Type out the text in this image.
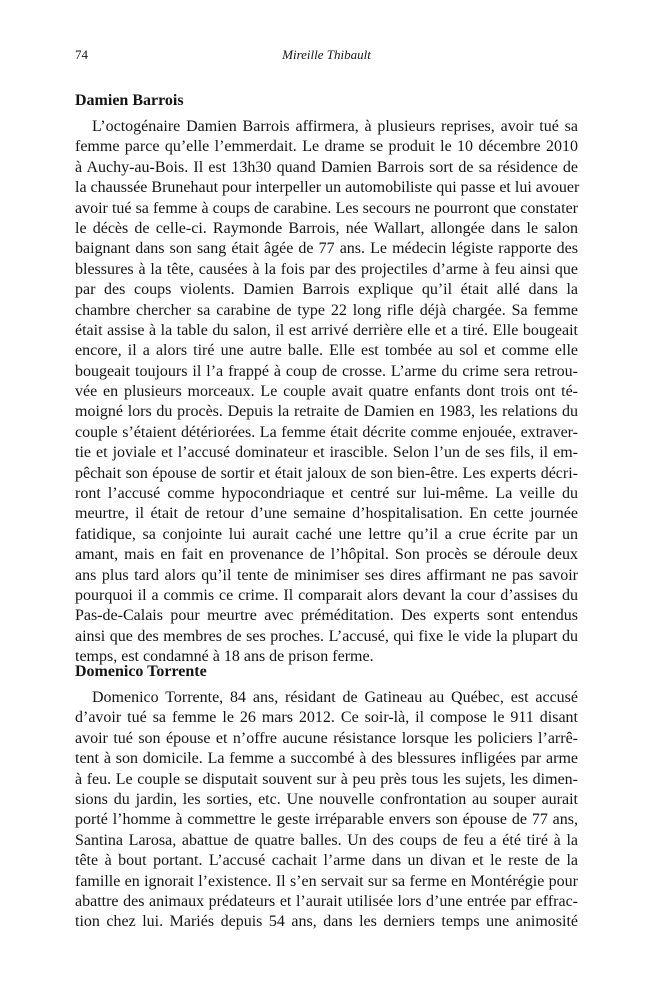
74	Mireille Thibault
Damien Barrois
L’octogénaire Damien Barrois affirmera, à plusieurs reprises, avoir tué sa
femme parce qu’elle l’emmerdait. Le drame se produit le 10 décembre 2010
à Auchy-au-Bois. Il est 13h30 quand Damien Barrois sort de sa résidence de
la chaussée Brunehaut pour interpeller un automobiliste qui passe et lui avouer
avoir tué sa femme à coups de carabine. Les secours ne pourront que constater
le décès de celle-ci. Raymonde Barrois, née Wallart, allongée dans le salon
baignant dans son sang était âgée de 77 ans. Le médecin légiste rapporte des
blessures à la tête, causées à la fois par des projectiles d’arme à feu ainsi que
par des coups violents. Damien Barrois explique qu’il était allé dans la
chambre chercher sa carabine de type 22 long rifle déjà chargée. Sa femme
était assise à la table du salon, il est arrivé derrière elle et a tiré. Elle bougeait
encore, il a alors tiré une autre balle. Elle est tombée au sol et comme elle
bougeait toujours il l’a frappé à coup de crosse. L’arme du crime sera retrou-
vée en plusieurs morceaux. Le couple avait quatre enfants dont trois ont té-
moigné lors du procès. Depuis la retraite de Damien en 1983, les relations du
couple s’étaient détériorées. La femme était décrite comme enjouée, extraver-
tie et joviale et l’accusé dominateur et irascible. Selon l’un de ses fils, il em-
pêchait son épouse de sortir et était jaloux de son bien-être. Les experts décri-
ront l’accusé comme hypocondriaque et centré sur lui-même. La veille du
meurtre, il était de retour d’une semaine d’hospitalisation. En cette journée
fatidique, sa conjointe lui aurait caché une lettre qu’il a crue écrite par un
amant, mais en fait en provenance de l’hôpital. Son procès se déroule deux
ans plus tard alors qu’il tente de minimiser ses dires affirmant ne pas savoir
pourquoi il a commis ce crime. Il comparait alors devant la cour d’assises du
Pas-de-Calais pour meurtre avec préméditation. Des experts sont entendus
ainsi que des membres de ses proches. L’accusé, qui fixe le vide la plupart du
temps, est condamné à 18 ans de prison ferme.
Domenico Torrente
Domenico Torrente, 84 ans, résidant de Gatineau au Québec, est accusé
d’avoir tué sa femme le 26 mars 2012. Ce soir-là, il compose le 911 disant
avoir tué son épouse et n’offre aucune résistance lorsque les policiers l’arrê-
tent à son domicile. La femme a succombé à des blessures infligées par arme
à feu. Le couple se disputait souvent sur à peu près tous les sujets, les dimen-
sions du jardin, les sorties, etc. Une nouvelle confrontation au souper aurait
porté l’homme à commettre le geste irréparable envers son épouse de 77 ans,
Santina Larosa, abattue de quatre balles. Un des coups de feu a été tiré à la
tête à bout portant. L’accusé cachait l’arme dans un divan et le reste de la
famille en ignorait l’existence. Il s’en servait sur sa ferme en Montérégie pour
abattre des animaux prédateurs et l’aurait utilisée lors d’une entrée par effrac-
tion chez lui. Mariés depuis 54 ans, dans les derniers temps une animosité
